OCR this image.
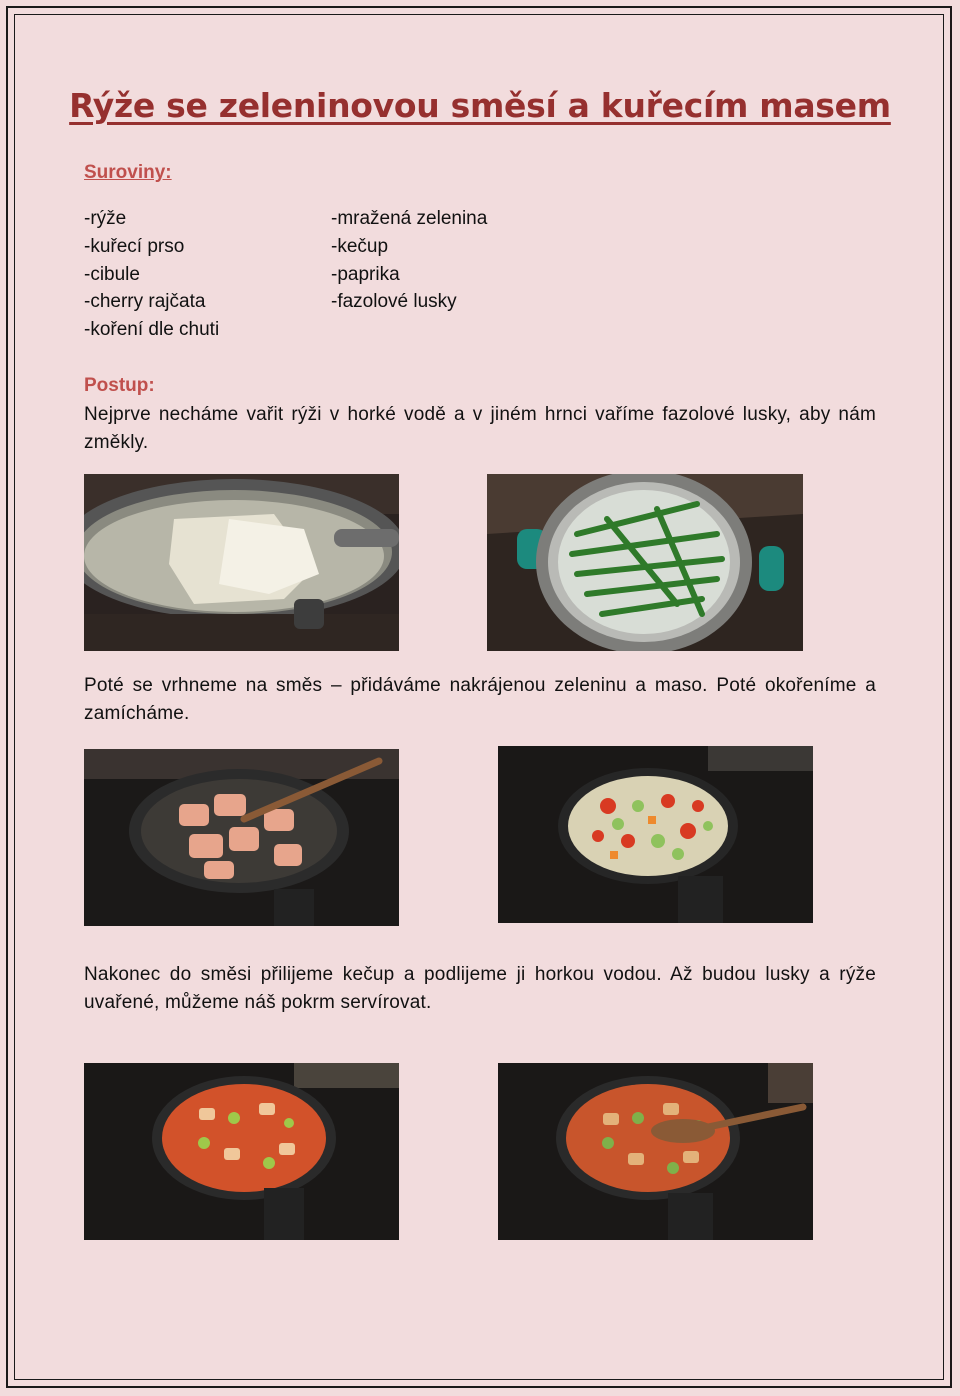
Rýže se zeleninovou směsí a kuřecím masem
Suroviny:
-rýže
-kuřecí prso
-cibule
-cherry rajčata
-koření dle chuti
-mražená zelenina
-kečup
-paprika
-fazolové lusky
Postup:

Nejprve necháme vařit rýži v horké vodě a v jiném hrnci vaříme fazolové lusky, aby nám změkly.

Poté se vrhneme na směs – přidáváme nakrájenou zeleninu a maso. Poté okořeníme a zamícháme.

Nakonec do směsi přilijeme kečup a podlijeme ji horkou vodou. Až budou lusky a rýže uvařené, můžeme náš pokrm servírovat.
